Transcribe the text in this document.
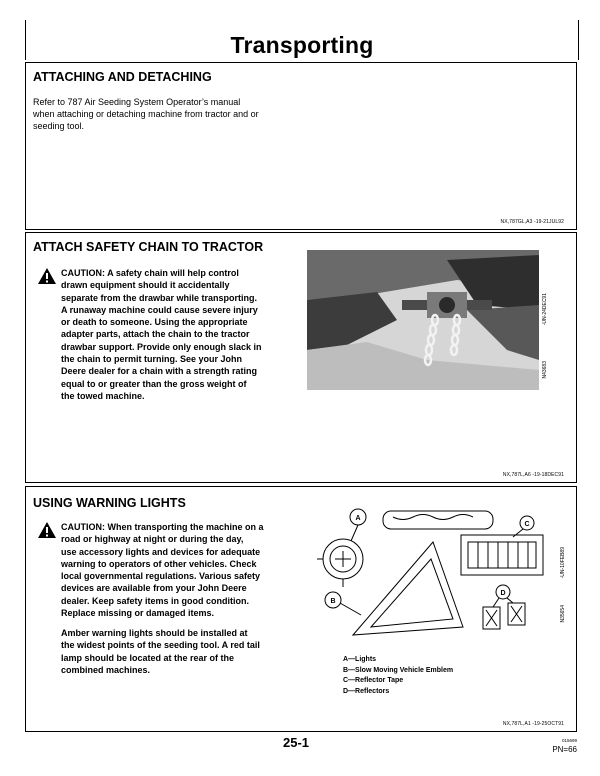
Transporting
ATTACHING AND DETACHING
Refer to 787 Air Seeding System Operator’s manual
when attaching or detaching machine from tractor and or
seeding tool.
NX,787GL,A3 -19-21JUL92
ATTACH SAFETY CHAIN TO TRACTOR
CAUTION: A safety chain will help control
drawn equipment should it accidentally
separate from the drawbar while transporting.
A runaway machine could cause severe injury
or death to someone. Using the appropriate
adapter parts, attach the chain to the tractor
drawbar support. Provide only enough slack in
the chain to permit turning. See your John
Deere dealer for a chain with a strength rating
equal to or greater than the gross weight of
the towed machine.
-UN-24DEC91
N43683
NX,787L,A6 -19-18DEC91
USING WARNING LIGHTS
CAUTION: When transporting the machine on a
road or highway at night or during the day,
use accessory lights and devices for adequate
warning to operators of other vehicles. Check
local governmental regulations. Various safety
devices are available from your John Deere
dealer. Keep safety items in good condition.
Replace missing or damaged items.
Amber warning lights should be installed at
the widest points of the seeding tool. A red tail
lamp should be located at the rear of the
combined machines.
A
B
C
D
-UN-10FEB89
N35654
A—Lights
B—Slow Moving Vehicle Emblem
C—Reflector Tape
D—Reflectors
NX,787L,A1 -19-25OCT91
25-1	015699
PN=66
